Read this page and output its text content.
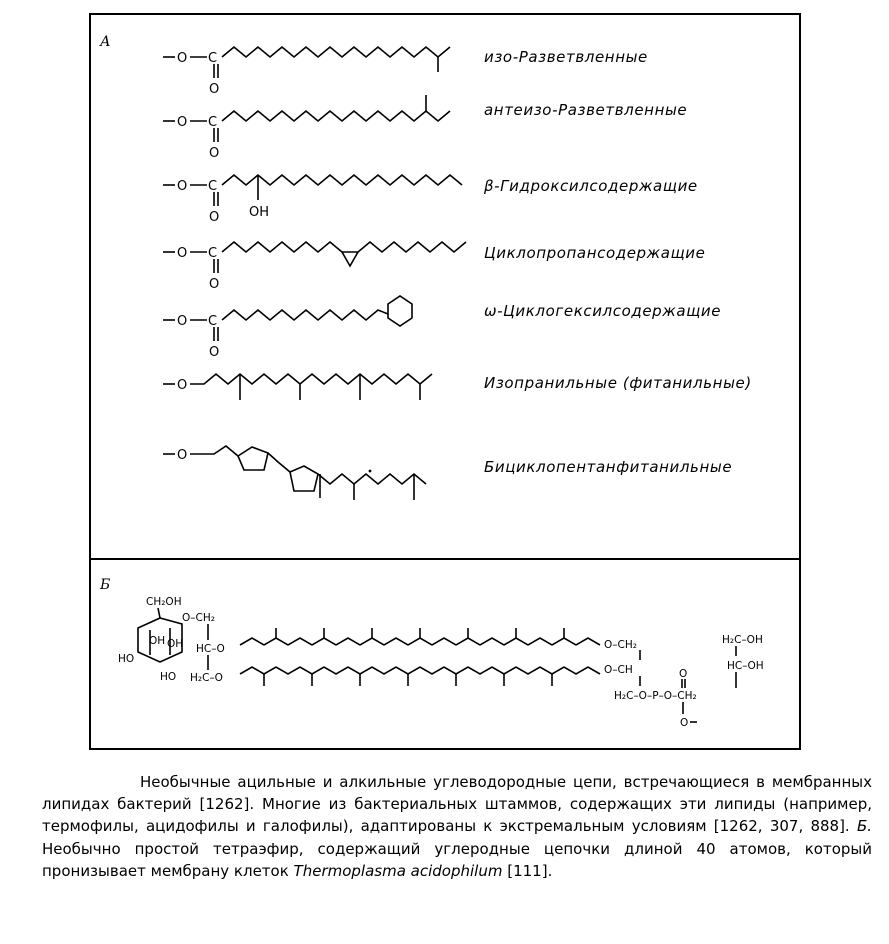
А
Б
O C
O
изо-Разветвленные
O C
O
антеизо-Разветвленные
O C
O OH
β-Гидроксилсодержащие
O C
O
Циклопропансодержащие
O C
O
ω-Циклогексилсодержащие
O	Изопранильные (фитанильные)
O
Бициклопентанфитанильные
CH₂OH
O–CH₂
OH OH
HO
HO
HC–O
H₂C–O
O–CH₂
O–CH
H₂C–O–P–O–CH₂
O
O
H₂C–OH
HC–OH

Необычные ацильные и алкильные углеводородные цепи, встречающиеся в мембранных липидах бактерий [1262]. Многие из бактериальных штаммов, содержащих эти липиды (например, термофилы, ацидофилы и галофилы), адаптированы к экстремальным условиям [1262, 307, 888]. Б. Необычно простой тетраэфир, содержащий углеродные цепочки длиной 40 атомов, который пронизывает мембрану клеток Thermoplasma acidophilum [111].
